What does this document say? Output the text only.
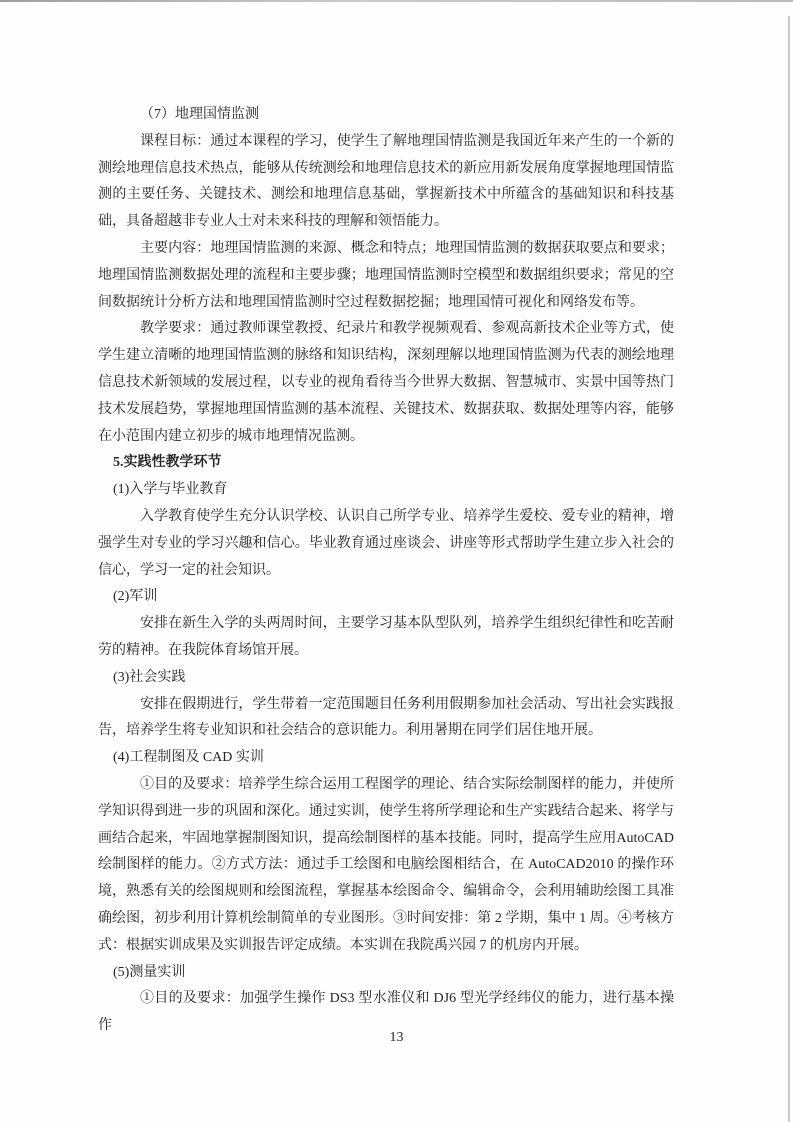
（7）地理国情监测

课程目标：通过本课程的学习，使学生了解地理国情监测是我国近年来产生的一个新的测绘地理信息技术热点，能够从传统测绘和地理信息技术的新应用新发展角度掌握地理国情监测的主要任务、关键技术、测绘和地理信息基础，掌握新技术中所蕴含的基础知识和科技基础，具备超越非专业人士对未来科技的理解和领悟能力。

主要内容：地理国情监测的来源、概念和特点；地理国情监测的数据获取要点和要求；地理国情监测数据处理的流程和主要步骤；地理国情监测时空模型和数据组织要求；常见的空间数据统计分析方法和地理国情监测时空过程数据挖掘；地理国情可视化和网络发布等。

教学要求：通过教师课堂教授、纪录片和教学视频观看、参观高新技术企业等方式，使学生建立清晰的地理国情监测的脉络和知识结构，深刻理解以地理国情监测为代表的测绘地理信息技术新领域的发展过程，以专业的视角看待当今世界大数据、智慧城市、实景中国等热门技术发展趋势，掌握地理国情监测的基本流程、关键技术、数据获取、数据处理等内容，能够在小范围内建立初步的城市地理情况监测。

5.实践性教学环节

(1)入学与毕业教育

入学教育使学生充分认识学校、认识自己所学专业、培养学生爱校、爱专业的精神，增强学生对专业的学习兴趣和信心。毕业教育通过座谈会、讲座等形式帮助学生建立步入社会的信心，学习一定的社会知识。

(2)军训

安排在新生入学的头两周时间，主要学习基本队型队列，培养学生组织纪律性和吃苦耐劳的精神。在我院体育场馆开展。

(3)社会实践

安排在假期进行，学生带着一定范围题目任务利用假期参加社会活动、写出社会实践报告，培养学生将专业知识和社会结合的意识能力。利用暑期在同学们居住地开展。

(4)工程制图及 CAD 实训

①目的及要求：培养学生综合运用工程图学的理论、结合实际绘制图样的能力，并使所学知识得到进一步的巩固和深化。通过实训，使学生将所学理论和生产实践结合起来、将学与画结合起来，牢固地掌握制图知识，提高绘制图样的基本技能。同时，提高学生应用AutoCAD 绘制图样的能力。②方式方法：通过手工绘图和电脑绘图相结合，在 AutoCAD2010 的操作环境，熟悉有关的绘图规则和绘图流程，掌握基本绘图命令、编辑命令，会利用辅助绘图工具准确绘图，初步利用计算机绘制简单的专业图形。③时间安排：第 2 学期，集中 1 周。④考核方式：根据实训成果及实训报告评定成绩。本实训在我院禹兴园 7 的机房内开展。

(5)测量实训

①目的及要求：加强学生操作 DS3 型水准仪和 DJ6 型光学经纬仪的能力，进行基本操作

13
